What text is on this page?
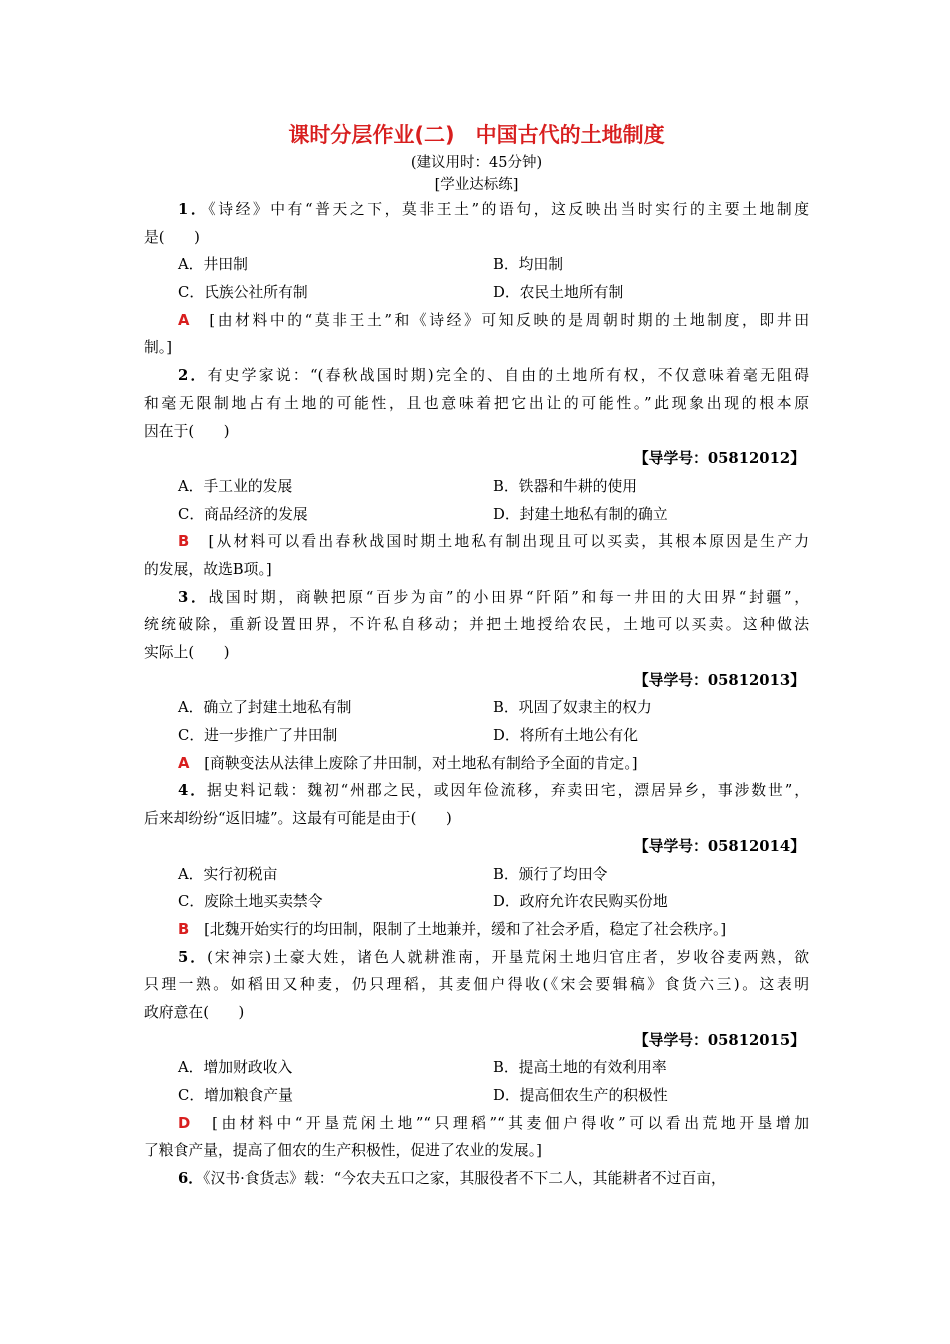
课时分层作业(二)　中国古代的土地制度
(建议用时：45分钟)
[学业达标练]
1．《诗经》中有“普天之下，莫非王土”的语句，这反映出当时实行的主要土地制度
是(　　)
A．井田制	B．均田制
C．氏族公社所有制	D．农民土地所有制
A　 [由材料中的“莫非王土”和《诗经》可知反映的是周朝时期的土地制度，即井田
制。]
2．有史学家说：“(春秋战国时期)完全的、自由的土地所有权，不仅意味着毫无阻碍
和毫无限制地占有土地的可能性，且也意味着把它出让的可能性。”此现象出现的根本原
因在于(　　)
【导学号：05812012】
A．手工业的发展	B．铁器和牛耕的使用
C．商品经济的发展	D．封建土地私有制的确立
B　 [从材料可以看出春秋战国时期土地私有制出现且可以买卖，其根本原因是生产力
的发展，故选B项。]
3．战国时期，商鞅把原“百步为亩”的小田界“阡陌”和每一井田的大田界“封疆”，
统统破除，重新设置田界，不许私自移动；并把土地授给农民，土地可以买卖。这种做法
实际上(　　)
【导学号：05812013】
A．确立了封建土地私有制	B．巩固了奴隶主的权力
C．进一步推广了井田制	D．将所有土地公有化
A　 [商鞅变法从法律上废除了井田制，对土地私有制给予全面的肯定。]
4．据史料记载：魏初“州郡之民，或因年俭流移，弃卖田宅，漂居异乡，事涉数世”，
后来却纷纷“返旧墟”。这最有可能是由于(　　)
【导学号：05812014】
A．实行初税亩	B．颁行了均田令
C．废除土地买卖禁令	D．政府允许农民购买份地
B　 [北魏开始实行的均田制，限制了土地兼并，缓和了社会矛盾，稳定了社会秩序。]
5．(宋神宗)土豪大姓，诸色人就耕淮南，开垦荒闲土地归官庄者，岁收谷麦两熟，欲
只理一熟。如稻田又种麦，仍只理稻，其麦佃户得收(《宋会要辑稿》食货六三)。这表明
政府意在(　　)
【导学号：05812015】
A．增加财政收入	B．提高土地的有效利用率
C．增加粮食产量	D．提高佃农生产的积极性
D　 [由材料中“开垦荒闲土地”“只理稻”“其麦佃户得收”可以看出荒地开垦增加
了粮食产量，提高了佃农的生产积极性，促进了农业的发展。]
6．《汉书·食货志》载：“今农夫五口之家，其服役者不下二人，其能耕者不过百亩，
